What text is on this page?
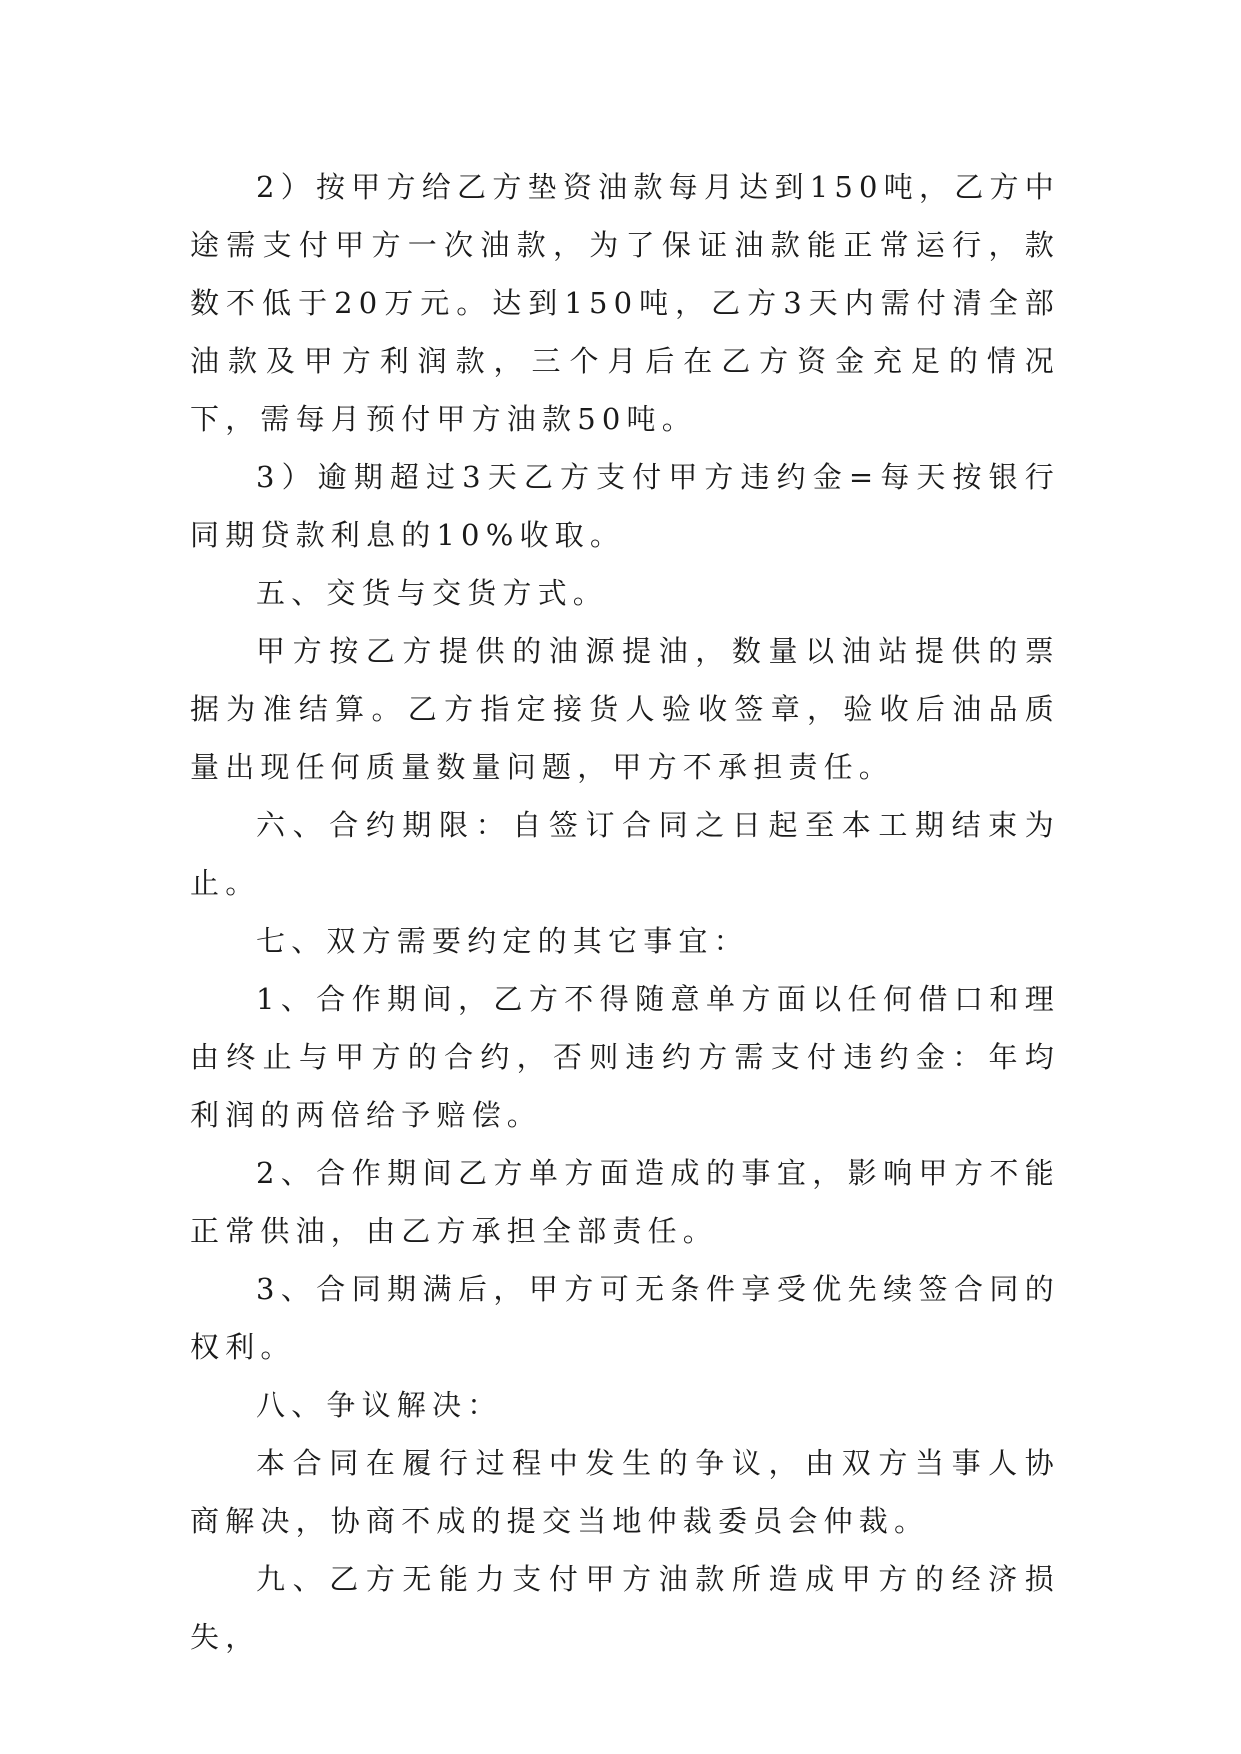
2）按甲方给乙方垫资油款每月达到150吨，乙方中途需支付甲方一次油款，为了保证油款能正常运行，款数不低于20万元。达到150吨，乙方3天内需付清全部油款及甲方利润款，三个月后在乙方资金充足的情况下，需每月预付甲方油款50吨。

3）逾期超过3天乙方支付甲方违约金=每天按银行同期贷款利息的10%收取。

五、交货与交货方式。

甲方按乙方提供的油源提油，数量以油站提供的票据为准结算。乙方指定接货人验收签章，验收后油品质量出现任何质量数量问题，甲方不承担责任。

六、合约期限：自签订合同之日起至本工期结束为止。

七、双方需要约定的其它事宜：

1、合作期间，乙方不得随意单方面以任何借口和理由终止与甲方的合约，否则违约方需支付违约金：年均利润的两倍给予赔偿。

2、合作期间乙方单方面造成的事宜，影响甲方不能正常供油，由乙方承担全部责任。

3、合同期满后，甲方可无条件享受优先续签合同的权利。

八、争议解决：

本合同在履行过程中发生的争议，由双方当事人协商解决，协商不成的提交当地仲裁委员会仲裁。

九、乙方无能力支付甲方油款所造成甲方的经济损失，
